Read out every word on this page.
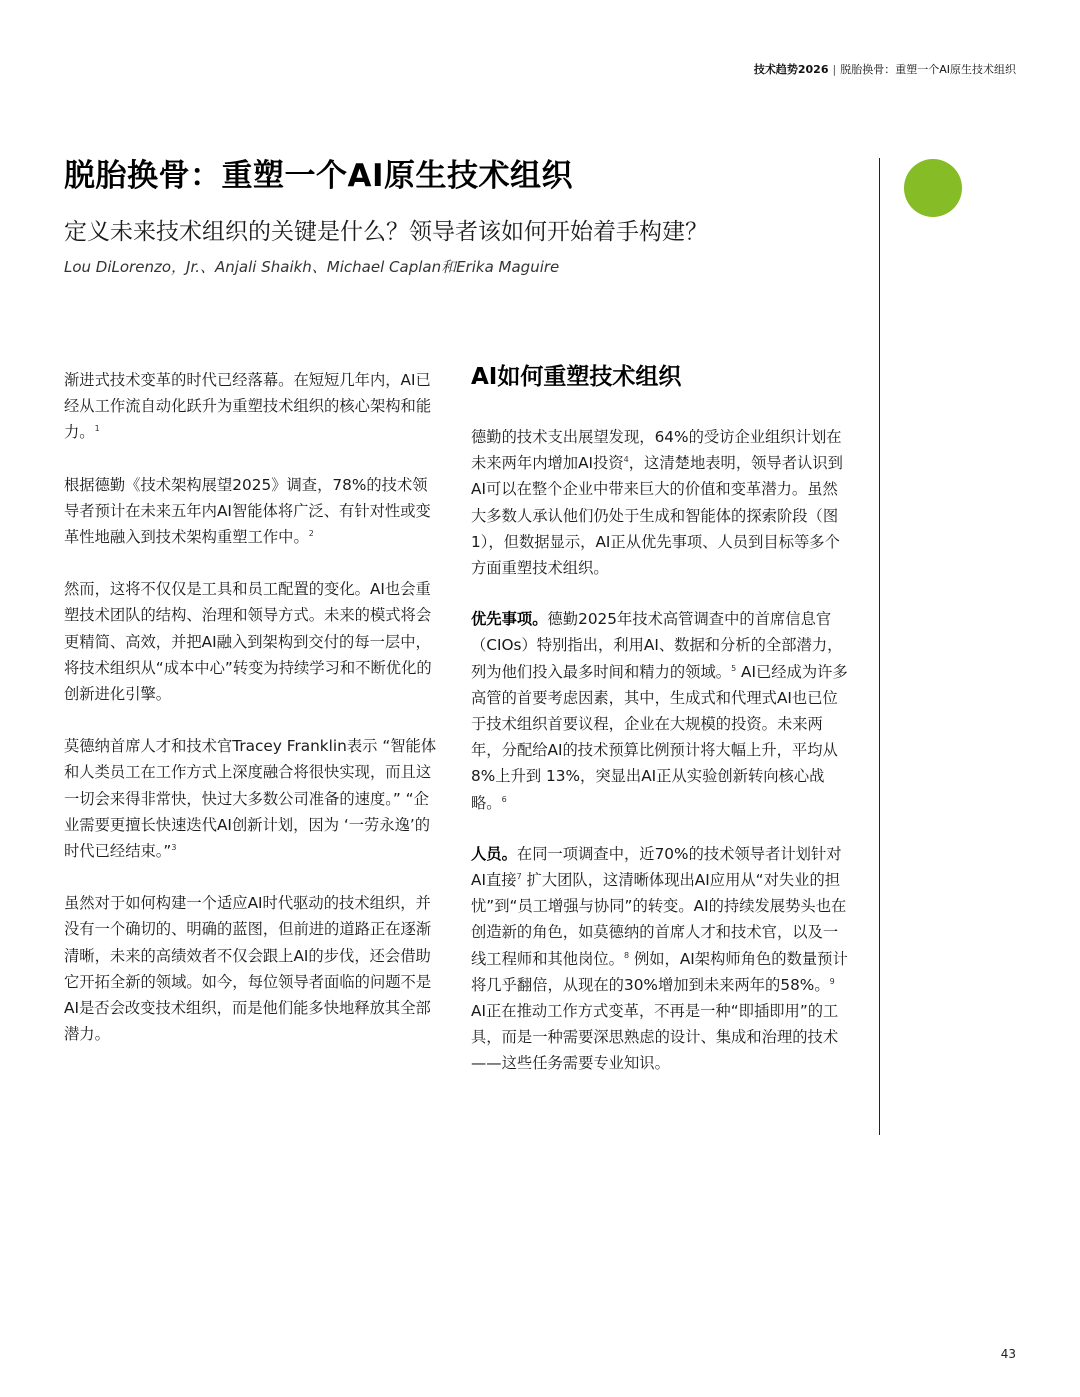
技术趋势2026 | 脱胎换骨：重塑一个AI原生技术组织
脱胎换骨：重塑一个AI原生技术组织
定义未来技术组织的关键是什么？领导者该如何开始着手构建？
Lou DiLorenzo，Jr.、Anjali Shaikh、Michael Caplan和Erika Maguire

渐进式技术变革的时代已经落幕。在短短几年内，AI已经从工作流自动化跃升为重塑技术组织的核心架构和能力。$^1$

根据德勤《技术架构展望2025》调查，78%的技术领导者预计在未来五年内AI智能体将广泛、有针对性或变革性地融入到技术架构重塑工作中。$^2$

然而，这将不仅仅是工具和员工配置的变化。AI也会重塑技术团队的结构、治理和领导方式。未来的模式将会更精简、高效，并把AI融入到架构到交付的每一层中，将技术组织从“成本中心”转变为持续学习和不断优化的创新进化引擎。

莫德纳首席人才和技术官Tracey Franklin表示 “智能体和人类员工在工作方式上深度融合将很快实现，而且这一切会来得非常快，快过大多数公司准备的速度。” “企业需要更擅长快速迭代AI创新计划，因为 ‘一劳永逸’的时代已经结束。”$^3$

虽然对于如何构建一个适应AI时代驱动的技术组织，并没有一个确切的、明确的蓝图，但前进的道路正在逐渐清晰，未来的高绩效者不仅会跟上AI的步伐，还会借助它开拓全新的领域。如今，每位领导者面临的问题不是AI是否会改变技术组织，而是他们能多快地释放其全部潜力。

AI如何重塑技术组织

德勤的技术支出展望发现，64%的受访企业组织计划在未来两年内增加AI投资$^4$，这清楚地表明，领导者认识到AI可以在整个企业中带来巨大的价值和变革潜力。虽然大多数人承认他们仍处于生成和智能体的探索阶段（图1），但数据显示，AI正从优先事项、人员到目标等多个方面重塑技术组织。

优先事项。德勤2025年技术高管调查中的首席信息官（CIOs）特别指出，利用AI、数据和分析的全部潜力，列为他们投入最多时间和精力的领域。$^5$ AI已经成为许多高管的首要考虑因素，其中，生成式和代理式AI也已位于技术组织首要议程，企业在大规模的投资。未来两年，分配给AI的技术预算比例预计将大幅上升，平均从8%上升到 13%，突显出AI正从实验创新转向核心战略。$^6$

人员。在同一项调查中，近70%的技术领导者计划针对AI直接$^7$ 扩大团队，这清晰体现出AI应用从“对失业的担忧”到“员工增强与协同”的转变。AI的持续发展势头也在创造新的角色，如莫德纳的首席人才和技术官，以及一线工程师和其他岗位。$^8$ 例如，AI架构师角色的数量预计将几乎翻倍，从现在的30%增加到未来两年的58%。$^9$ AI正在推动工作方式变革，不再是一种“即插即用”的工具，而是一种需要深思熟虑的设计、集成和治理的技术——这些任务需要专业知识。

43
